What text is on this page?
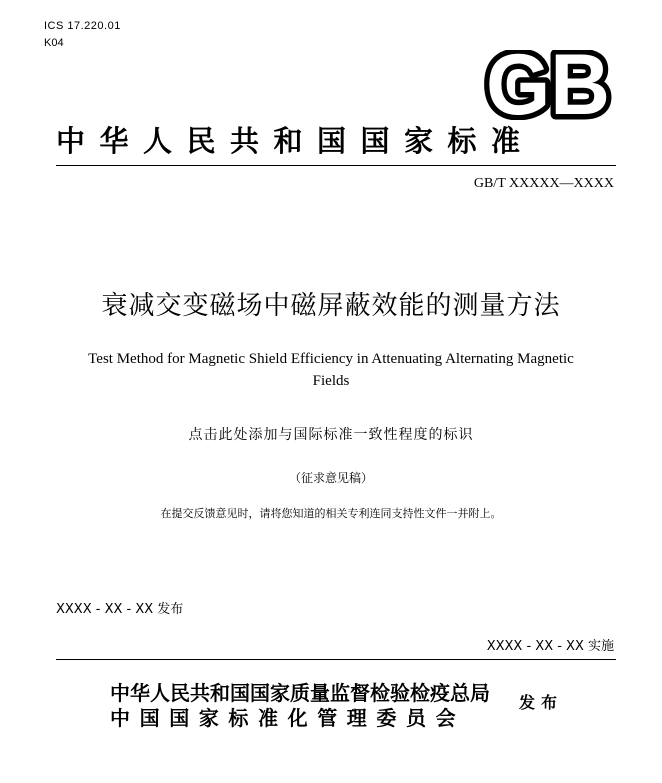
ICS 17.220.01
K04	GB
中华人民共和国国家标准
GB/T XXXXX—XXXX
衰减交变磁场中磁屏蔽效能的测量方法
Test Method for Magnetic Shield Efficiency in Attenuating Alternating Magnetic
Fields
点击此处添加与国际标准一致性程度的标识
（征求意见稿）
在提交反馈意见时，请将您知道的相关专利连同支持性文件一并附上。
XXXX - XX - XX 发布
XXXX - XX - XX 实施
中华人民共和国国家质量监督检验检疫总局
中国国家标准化管理委员会
发布
